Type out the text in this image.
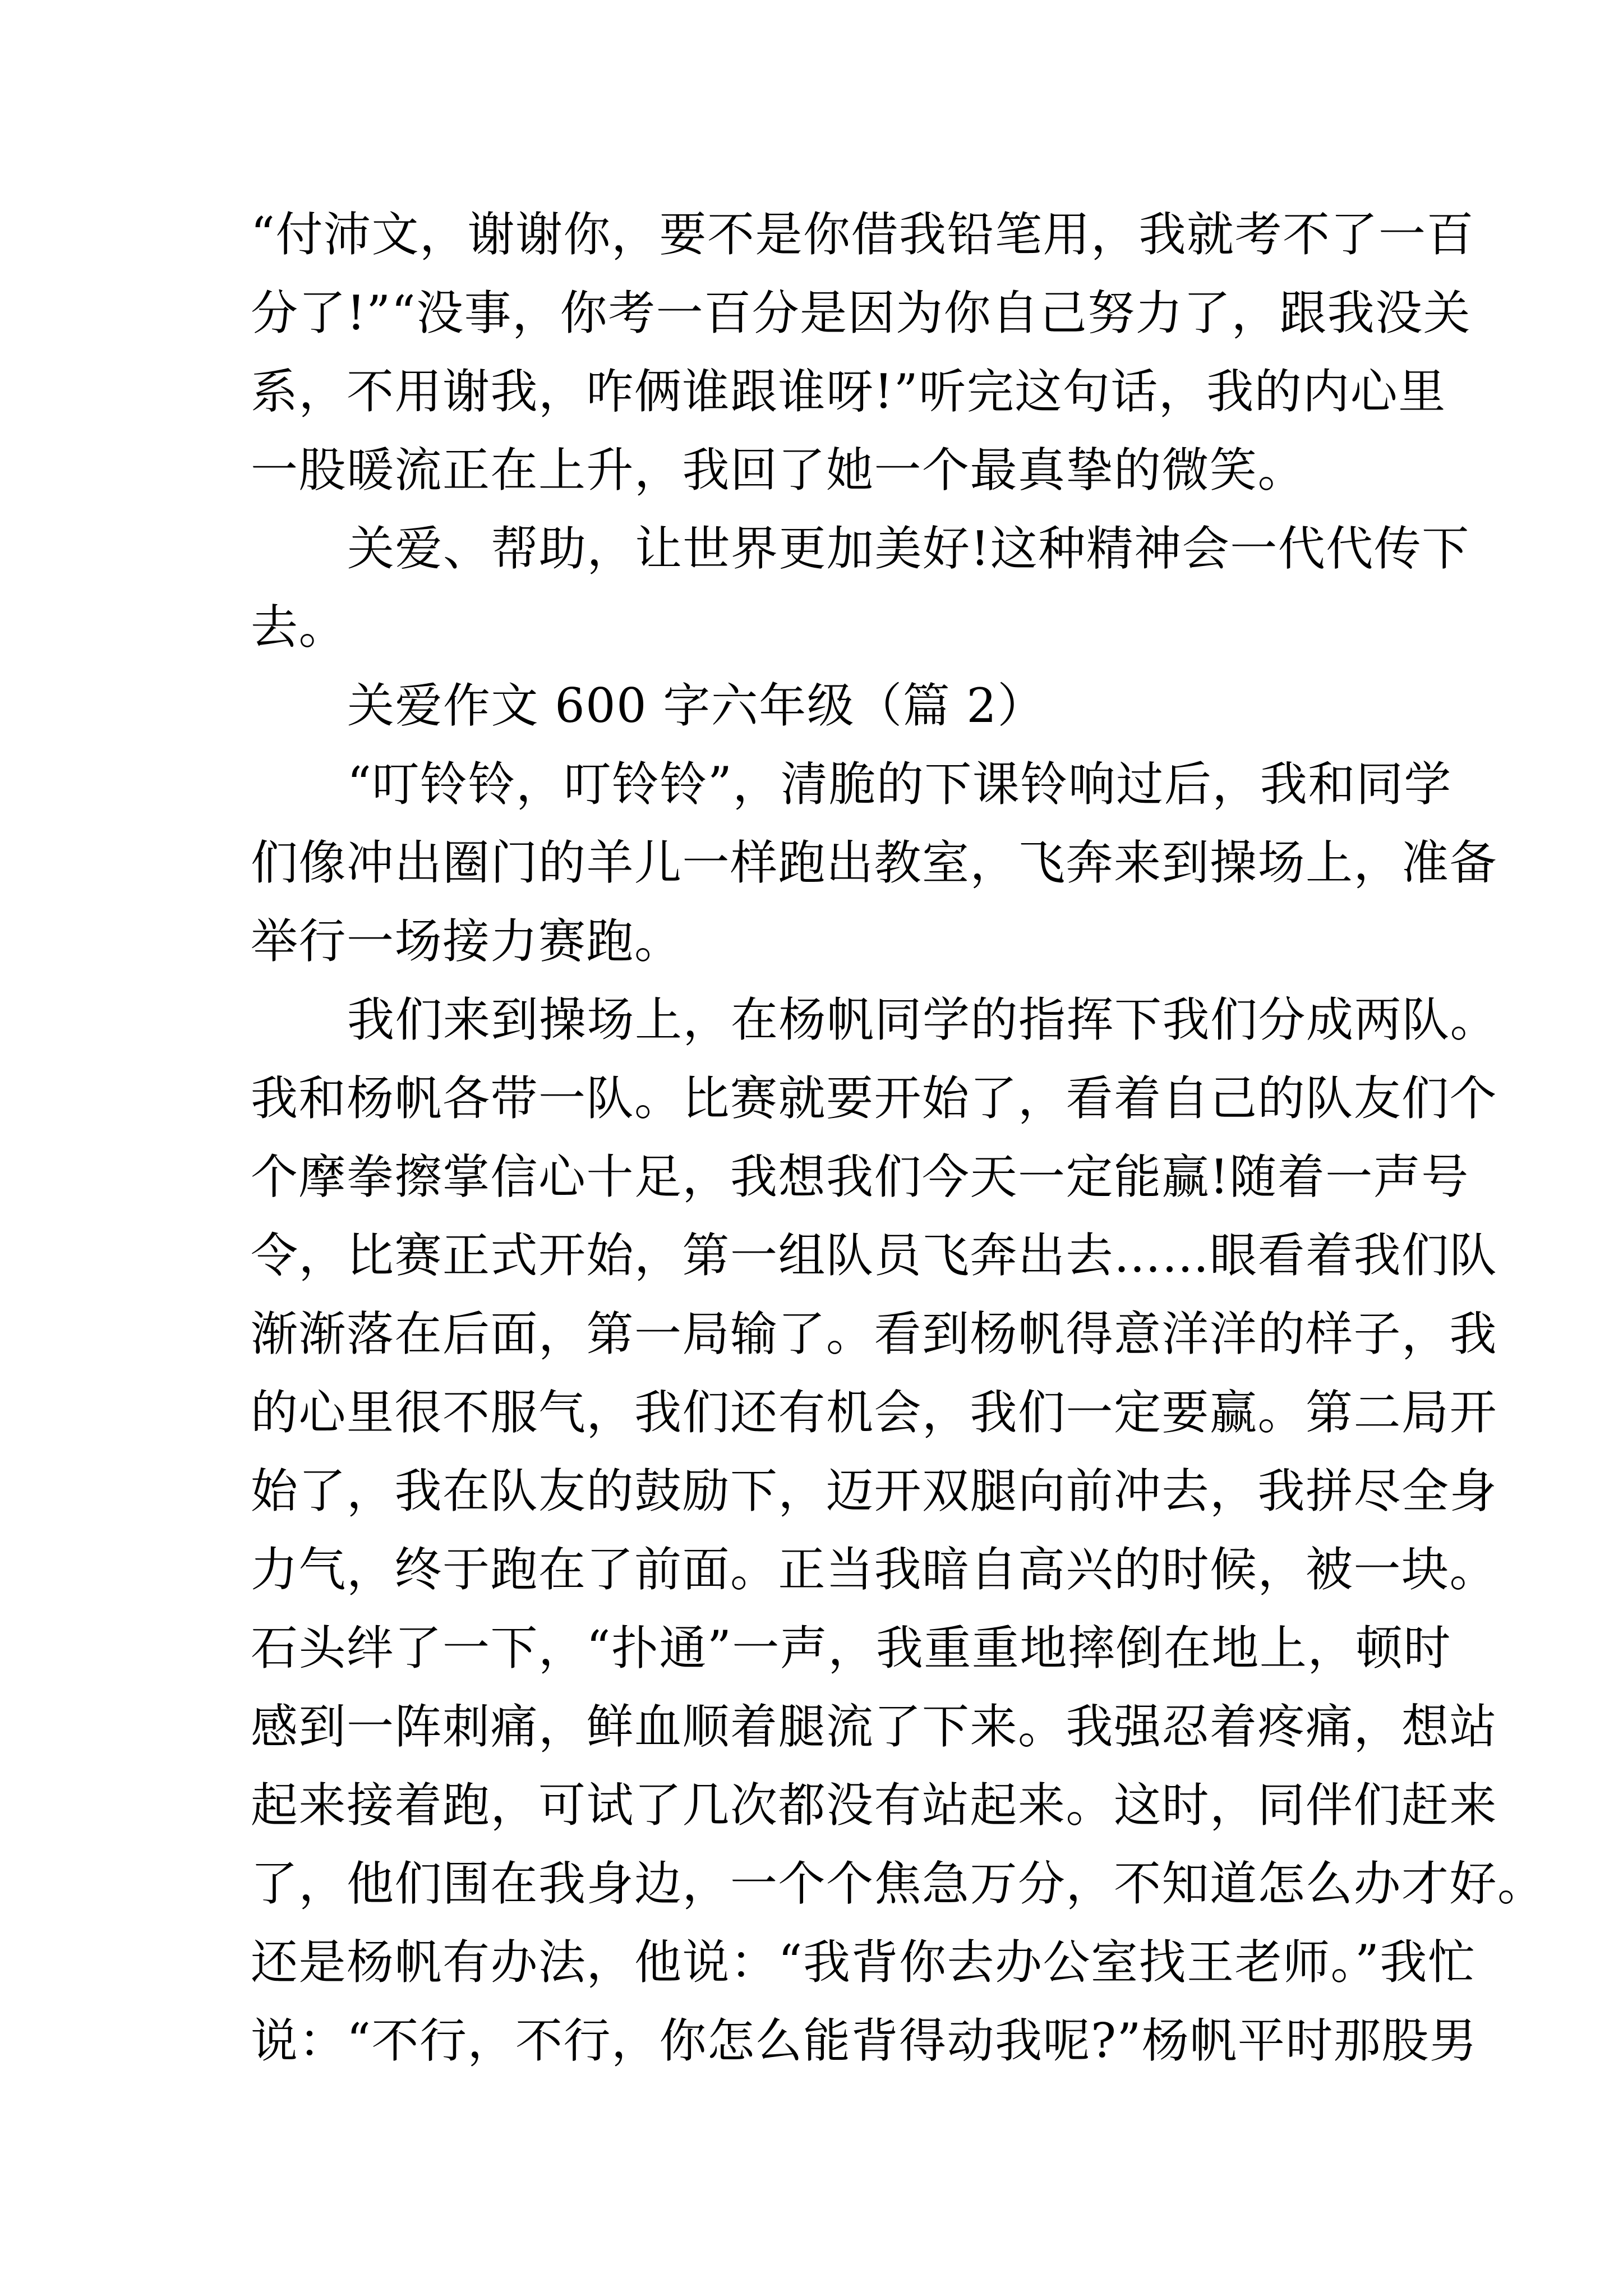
“付沛文，谢谢你，要不是你借我铅笔用，我就考不了一百
分了!”“没事，你考一百分是因为你自己努力了，跟我没关
系，不用谢我，咋俩谁跟谁呀!”听完这句话，我的内心里
一股暖流正在上升，我回了她一个最真挚的微笑。
关爱、帮助，让世界更加美好!这种精神会一代代传下
去。
关爱作文 600 字六年级（篇 2）
“叮铃铃，叮铃铃”，清脆的下课铃响过后，我和同学
们像冲出圈门的羊儿一样跑出教室，飞奔来到操场上，准备
举行一场接力赛跑。
我们来到操场上，在杨帆同学的指挥下我们分成两队。
我和杨帆各带一队。比赛就要开始了，看着自己的队友们个
个摩拳擦掌信心十足，我想我们今天一定能赢!随着一声号
令，比赛正式开始，第一组队员飞奔出去……眼看着我们队
渐渐落在后面，第一局输了。看到杨帆得意洋洋的样子，我
的心里很不服气，我们还有机会，我们一定要赢。第二局开
始了，我在队友的鼓励下，迈开双腿向前冲去，我拼尽全身
力气，终于跑在了前面。正当我暗自高兴的时候，被一块。
石头绊了一下，“扑通”一声，我重重地摔倒在地上，顿时
感到一阵刺痛，鲜血顺着腿流了下来。我强忍着疼痛，想站
起来接着跑，可试了几次都没有站起来。这时，同伴们赶来
了，他们围在我身边，一个个焦急万分，不知道怎么办才好。
还是杨帆有办法，他说：“我背你去办公室找王老师。”我忙
说：“不行，不行，你怎么能背得动我呢?”杨帆平时那股男
